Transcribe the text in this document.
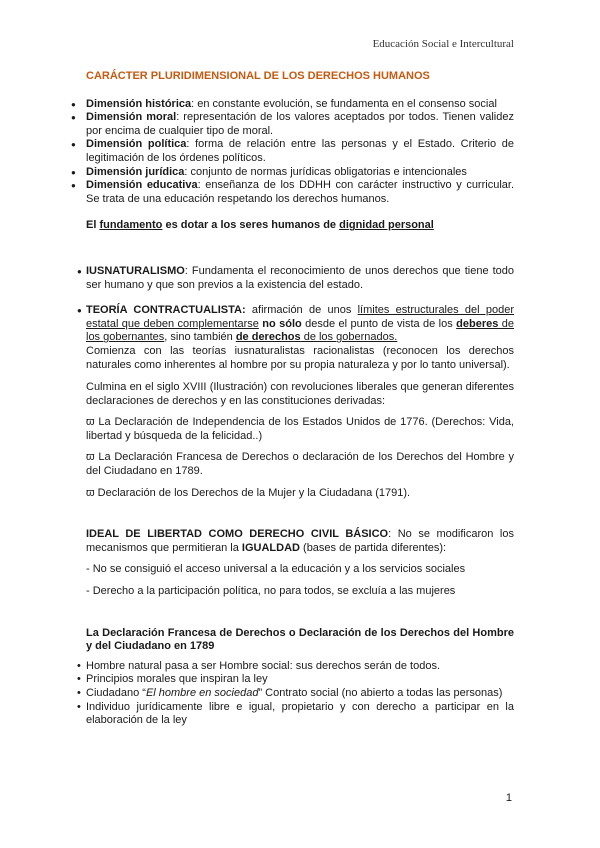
Educación Social e Intercultural
CARÁCTER PLURIDIMENSIONAL DE LOS DERECHOS HUMANOS
● Dimensión histórica: en constante evolución, se fundamenta en el consenso social
● Dimensión moral: representación de los valores aceptados por todos. Tienen validez por encima de cualquier tipo de moral.
● Dimensión política: forma de relación entre las personas y el Estado. Criterio de legitimación de los órdenes políticos.
● Dimensión jurídica: conjunto de normas jurídicas obligatorias e intencionales
● Dimensión educativa: enseñanza de los DDHH con carácter instructivo y curricular. Se trata de una educación respetando los derechos humanos.
El fundamento es dotar a los seres humanos de dignidad personal
● IUSNATURALISMO: Fundamenta el reconocimiento de unos derechos que tiene todo ser humano y que son previos a la existencia del estado.
● TEORÍA CONTRACTUALISTA: afirmación de unos límites estructurales del poder estatal que deben complementarse no sólo desde el punto de vista de los deberes de los gobernantes, sino también de derechos de los gobernados.
Comienza con las teorías iusnaturalistas racionalistas (reconocen los derechos naturales como inherentes al hombre por su propia naturaleza y por lo tanto universal).
Culmina en el siglo XVIII (Ilustración) con revoluciones liberales que generan diferentes declaraciones de derechos y en las constituciones derivadas:
ϖ La Declaración de Independencia de los Estados Unidos de 1776. (Derechos: Vida, libertad y búsqueda de la felicidad..)
ϖ La Declaración Francesa de Derechos o declaración de los Derechos del Hombre y del Ciudadano en 1789.
ϖ Declaración de los Derechos de la Mujer y la Ciudadana (1791).
IDEAL DE LIBERTAD COMO DERECHO CIVIL BÁSICO: No se modificaron los mecanismos que permitieran la IGUALDAD (bases de partida diferentes):
- No se consiguió el acceso universal a la educación y a los servicios sociales
- Derecho a la participación política, no para todos, se excluía a las mujeres
La Declaración Francesa de Derechos o Declaración de los Derechos del Hombre y del Ciudadano en 1789
• Hombre natural pasa a ser Hombre social: sus derechos serán de todos.
• Principios morales que inspiran la ley
• Ciudadano “El hombre en sociedad” Contrato social (no abierto a todas las personas)
• Individuo jurídicamente libre e igual, propietario y con derecho a participar en la elaboración de la ley
1
